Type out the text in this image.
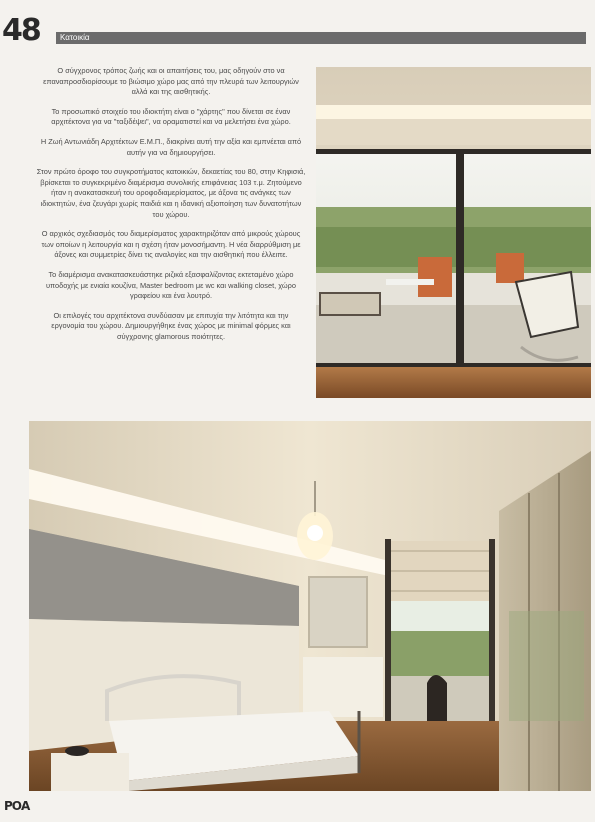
48	Κατοικία

Ο σύγχρονος τρόπος ζωής και οι απαιτήσεις του, μας οδηγούν στο να επαναπροσδιορίσουμε το βιώσιμο χώρο μας από την πλευρά των λειτουργιών αλλά και της αισθητικής.

Το προσωπικό στοιχείο του ιδιοκτήτη είναι ο "χάρτης" που δίνεται σε έναν αρχιτέκτονα για να "ταξιδέψει", να οραματιστεί και να μελετήσει ένα χώρο.

Η Ζωή Αντωνιάδη Αρχιτέκτων Ε.Μ.Π., διακρίνει αυτή την αξία και εμπνέεται από αυτήν για να δημιουργήσει.

Στον πρώτο όροφο του συγκροτήματος κατοικιών, δεκαετίας του 80, στην Κηφισιά, βρίσκεται το συγκεκριμένο διαμέρισμα συνολικής επιφάνειας 103 τ.μ. Ζητούμενο ήταν η ανακατασκευή του οροφοδιαμερίσματος, με άξονα τις ανάγκες των ιδιοκτητών, ένα ζευγάρι χωρίς παιδιά και η ιδανική αξιοποίηση των δυνατοτήτων του χώρου.

Ο αρχικός σχεδιασμός του διαμερίσματος χαρακτηριζόταν από μικρούς χώρους των οποίων η λειτουργία και η σχέση ήταν μονοσήμαντη. Η νέα διαρρύθμιση με άξονες και συμμετρίες δίνει τις αναλογίες και την αισθητική που έλλειπε.

Το διαμέρισμα ανακατασκευάστηκε ριζικά εξασφαλίζοντας εκτεταμένο χώρο υποδοχής με ενιαία κουζίνα, Master bedroom με wc και walking closet, χώρο γραφείου και ένα λουτρό.

Οι επιλογές του αρχιτέκτονα συνδύασαν με επιτυχία την λιτότητα και την εργονομία του χώρου. Δημιουργήθηκε ένας χώρος με minimal φόρμες και σύγχρονης glamorous ποιότητες.

ΡΟΑ
